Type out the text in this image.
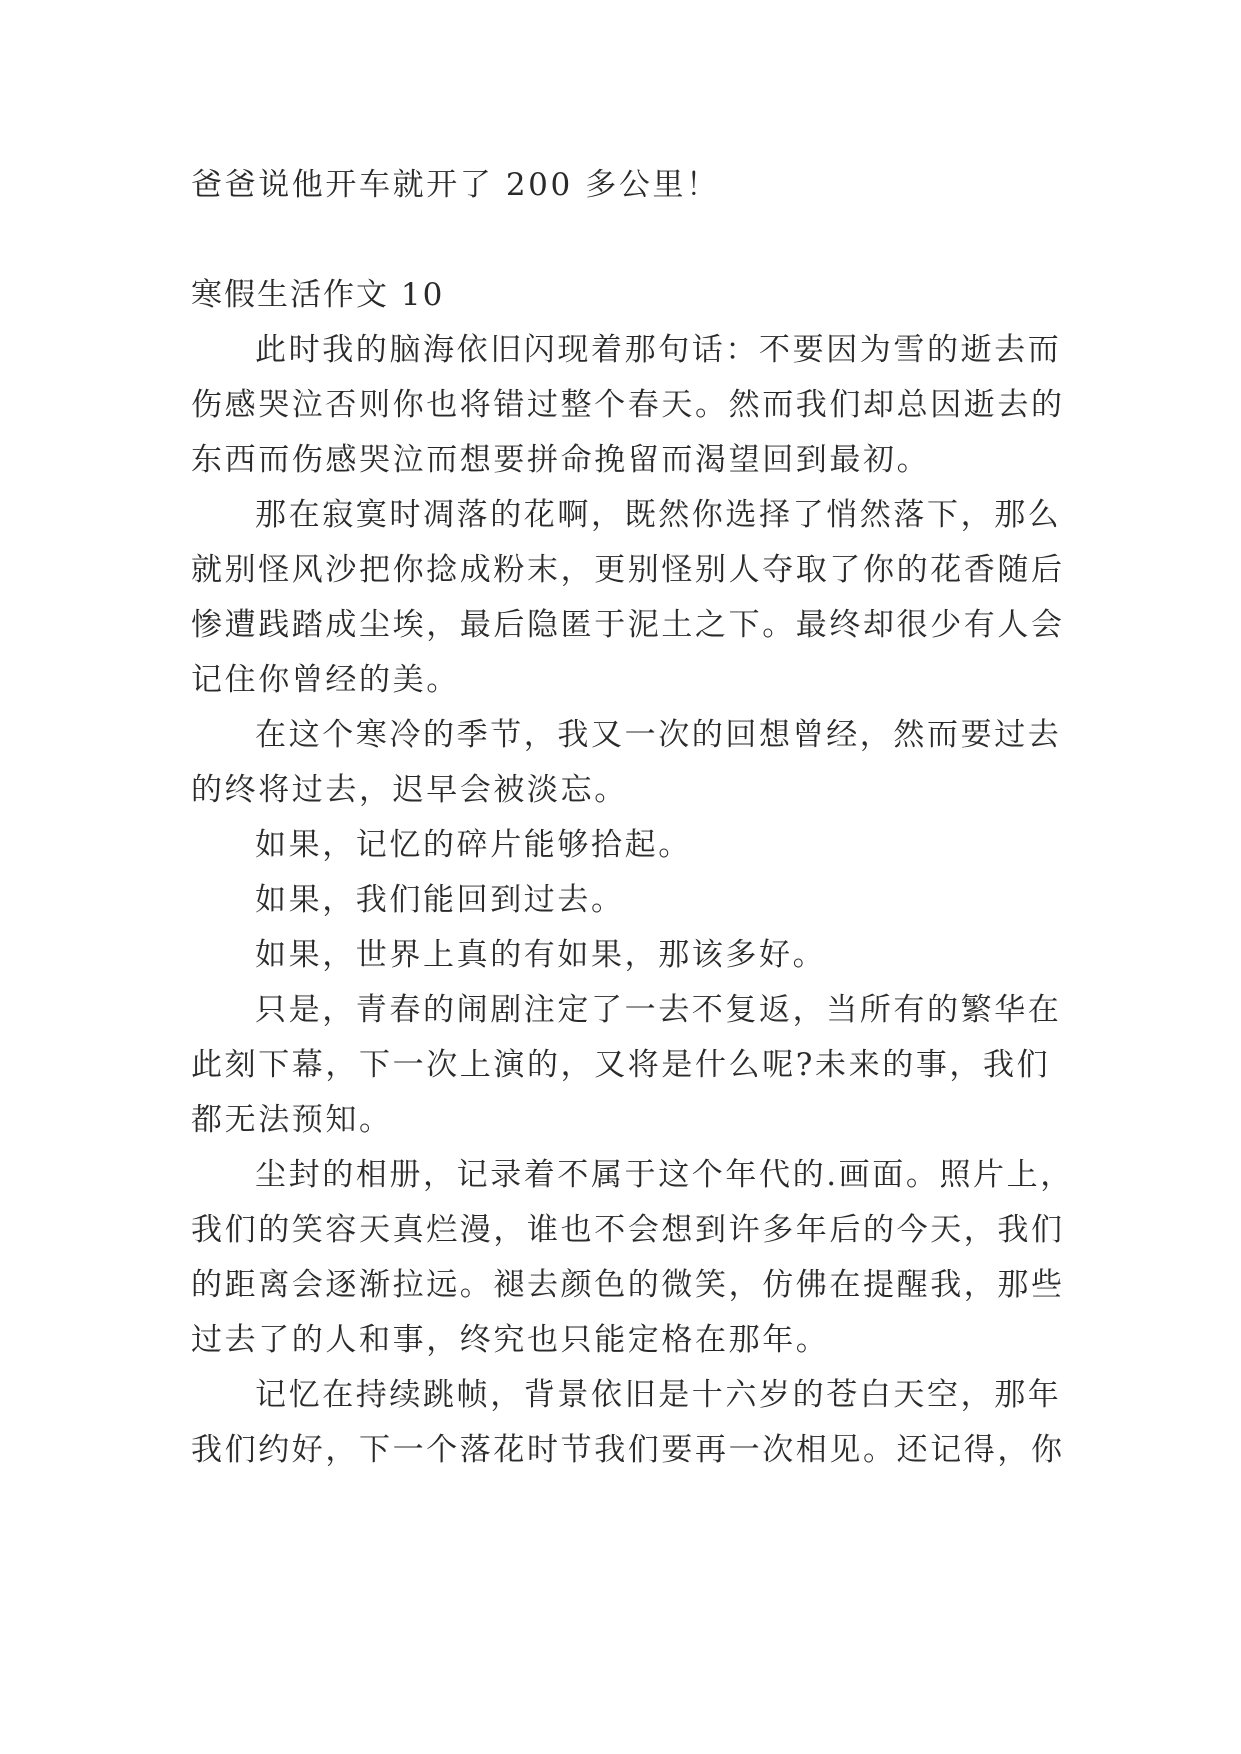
爸爸说他开车就开了 200 多公里！
寒假生活作文 10
此时我的脑海依旧闪现着那句话：不要因为雪的逝去而
伤感哭泣否则你也将错过整个春天。然而我们却总因逝去的
东西而伤感哭泣而想要拼命挽留而渴望回到最初。
那在寂寞时凋落的花啊，既然你选择了悄然落下，那么
就别怪风沙把你捻成粉末，更别怪别人夺取了你的花香随后
惨遭践踏成尘埃，最后隐匿于泥土之下。最终却很少有人会
记住你曾经的美。
在这个寒冷的季节，我又一次的回想曾经，然而要过去
的终将过去，迟早会被淡忘。
如果，记忆的碎片能够拾起。
如果，我们能回到过去。
如果，世界上真的有如果，那该多好。
只是，青春的闹剧注定了一去不复返，当所有的繁华在
此刻下幕，下一次上演的，又将是什么呢?未来的事，我们
都无法预知。
尘封的相册，记录着不属于这个年代的.画面。照片上，
我们的笑容天真烂漫，谁也不会想到许多年后的今天，我们
的距离会逐渐拉远。褪去颜色的微笑，仿佛在提醒我，那些
过去了的人和事，终究也只能定格在那年。
记忆在持续跳帧，背景依旧是十六岁的苍白天空，那年
我们约好，下一个落花时节我们要再一次相见。还记得，你
